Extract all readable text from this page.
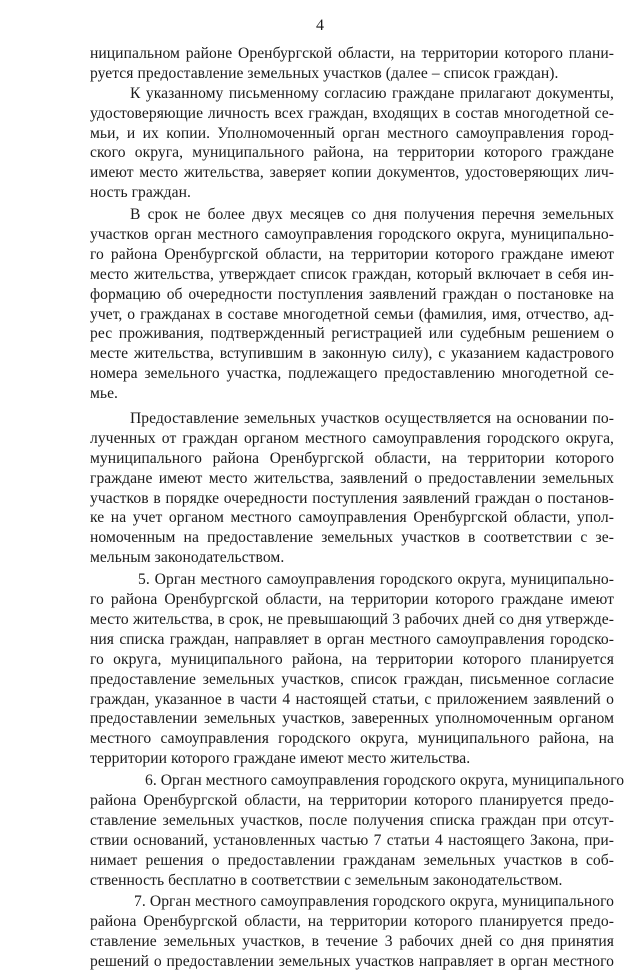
4
ниципальном районе Оренбургской области, на территории которого плани-
руется предоставление земельных участков (далее – список граждан).
К указанному письменному согласию граждане прилагают документы,
удостоверяющие личность всех граждан, входящих в состав многодетной се-
мьи, и их копии. Уполномоченный орган местного самоуправления город-
ского округа, муниципального района, на территории которого граждане
имеют место жительства, заверяет копии документов, удостоверяющих лич-
ность граждан.
В срок не более двух месяцев со дня получения перечня земельных
участков орган местного самоуправления городского округа, муниципально-
го района Оренбургской области, на территории которого граждане имеют
место жительства, утверждает список граждан, который включает в себя ин-
формацию об очередности поступления заявлений граждан о постановке на
учет, о гражданах в составе многодетной семьи (фамилия, имя, отчество, ад-
рес проживания, подтвержденный регистрацией или судебным решением о
месте жительства, вступившим в законную силу), с указанием кадастрового
номера земельного участка, подлежащего предоставлению многодетной се-
мье.
Предоставление земельных участков осуществляется на основании по-
лученных от граждан органом местного самоуправления городского округа,
муниципального района Оренбургской области, на территории которого
граждане имеют место жительства, заявлений о предоставлении земельных
участков в порядке очередности поступления заявлений граждан о постанов-
ке на учет органом местного самоуправления Оренбургской области, упол-
номоченным на предоставление земельных участков в соответствии с зе-
мельным законодательством.
5. Орган местного самоуправления городского округа, муниципально-
го района Оренбургской области, на территории которого граждане имеют
место жительства, в срок, не превышающий 3 рабочих дней со дня утвержде-
ния списка граждан, направляет в орган местного самоуправления городско-
го округа, муниципального района, на территории которого планируется
предоставление земельных участков, список граждан, письменное согласие
граждан, указанное в части 4 настоящей статьи, с приложением заявлений о
предоставлении земельных участков, заверенных уполномоченным органом
местного самоуправления городского округа, муниципального района, на
территории которого граждане имеют место жительства.
6. Орган местного самоуправления городского округа, муниципального
района Оренбургской области, на территории которого планируется предо-
ставление земельных участков, после получения списка граждан при отсут-
ствии оснований, установленных частью 7 статьи 4 настоящего Закона, при-
нимает решения о предоставлении гражданам земельных участков в соб-
ственность бесплатно в соответствии с земельным законодательством.
7. Орган местного самоуправления городского округа, муниципального
района Оренбургской области, на территории которого планируется предо-
ставление земельных участков, в течение 3 рабочих дней со дня принятия
решений о предоставлении земельных участков направляет в орган местного
